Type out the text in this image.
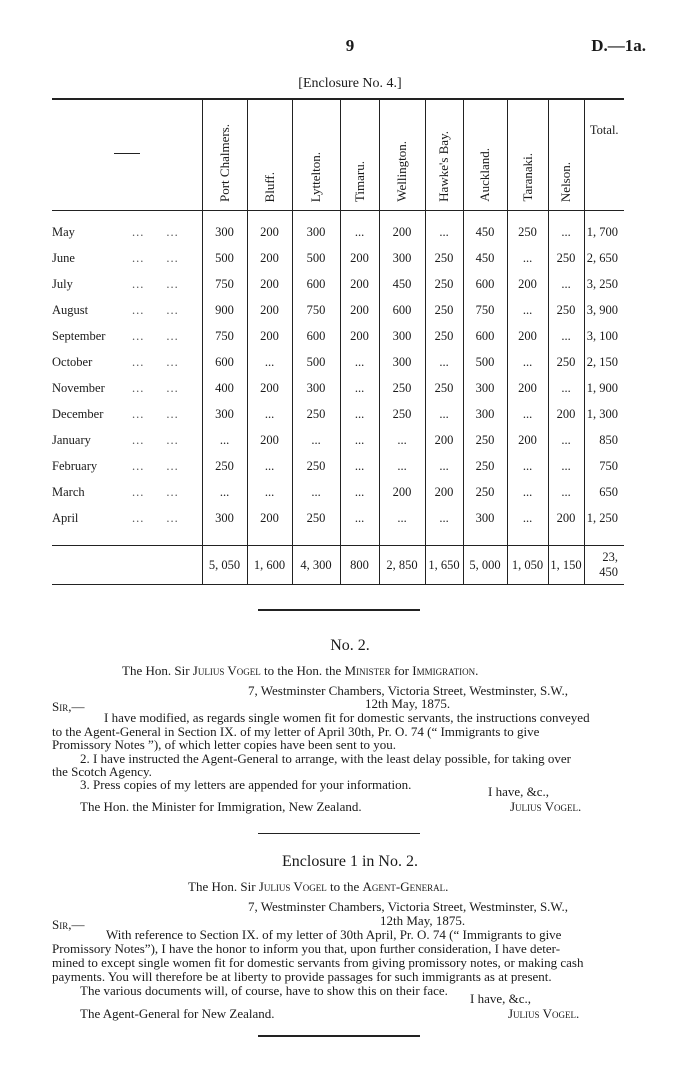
9	D.—1a.
[Enclosure No. 4.]
	Port Chalmers.	Bluff.	Lyttelton.	Timaru.	Wellington.	Hawke's Bay.	Auckland.	Taranaki.	Nelson.	Total.
May ... ...	300	200	300	...	200	...	450	250	...	1, 700
June ... ...	500	200	500	200	300	250	450	...	250	2, 650
July ... ...	750	200	600	200	450	250	600	200	...	3, 250
August ... ...	900	200	750	200	600	250	750	...	250	3, 900
September ... ...	750	200	600	200	300	250	600	200	...	3, 100
October ... ...	600	...	500	...	300	...	500	...	250	2, 150
November ... ...	400	200	300	...	250	250	300	200	...	1, 900
December ... ...	300	...	250	...	250	...	300	...	200	1, 300
January ... ...	...	200	...	...	...	200	250	200	...	850
February ... ...	250	...	250	...	...	...	250	...	...	750
March ... ...	...	...	...	...	200	200	250	...	...	650
April ... ...	300	200	250	...	...	...	300	...	200	1, 250

	5, 050	1, 600	4, 300	800	2, 850	1, 650	5, 000	1, 050	1, 150	23, 450
No. 2.
The Hon. Sir Julius Vogel to the Hon. the Minister for Immigration.
7, Westminster Chambers, Victoria Street, Westminster, S.W.,
Sir,—	12th May, 1875.
I have modified, as regards single women fit for domestic servants, the instructions conveyed
to the Agent-General in Section IX. of my letter of April 30th, Pr. O. 74 (“ Immigrants to give
Promissory Notes ”), of which letter copies have been sent to you.
2. I have instructed the Agent-General to arrange, with the least delay possible, for taking over
the Scotch Agency.
3. Press copies of my letters are appended for your information.	I have, &c.,
The Hon. the Minister for Immigration, New Zealand.	Julius Vogel.
Enclosure 1 in No. 2.
The Hon. Sir Julius Vogel to the Agent-General.
7, Westminster Chambers, Victoria Street, Westminster, S.W.,
Sir,—	12th May, 1875.
With reference to Section IX. of my letter of 30th April, Pr. O. 74 (“ Immigrants to give
Promissory Notes”), I have the honor to inform you that, upon further consideration, I have deter-
mined to except single women fit for domestic servants from giving promissory notes, or making cash
payments. You will therefore be at liberty to provide passages for such immigrants as at present.
The various documents will, of course, have to show this on their face.
I have, &c.,
The Agent-General for New Zealand.	Julius Vogel.
